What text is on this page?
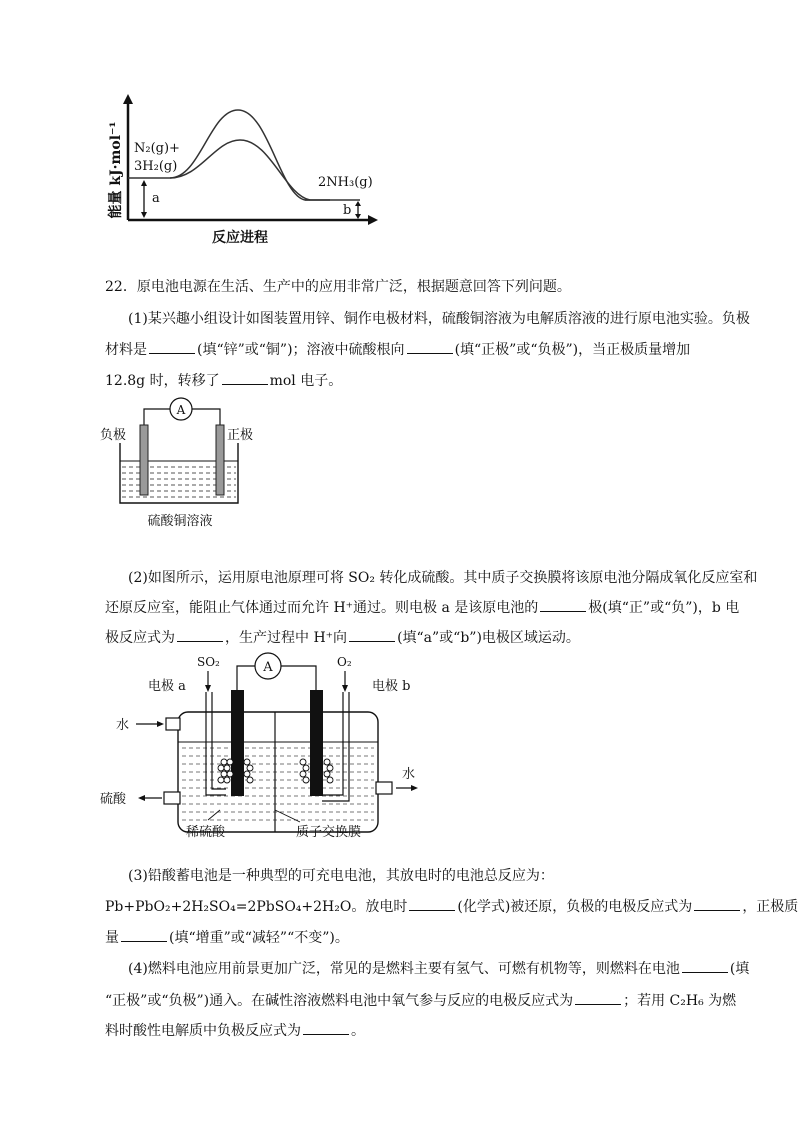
能量 kJ·mol⁻¹ N₂(g)+
3H₂(g)
2NH₃(g)
a
b
反应进程
22．原电池电源在生活、生产中的应用非常广泛，根据题意回答下列问题。
(1)某兴趣小组设计如图装置用锌、铜作电极材料，硫酸铜溶液为电解质溶液的进行原电池实验。负极
材料是	(填“锌”或“铜”)；溶液中硫酸根向	(填“正极”或“负极”)，当正极质量增加
12.8g 时，转移了	mol 电子。
A
负极	正极
硫酸铜溶液
(2)如图所示，运用原电池原理可将 SO₂ 转化成硫酸。其中质子交换膜将该原电池分隔成氧化反应室和
还原反应室，能阻止气体通过而允许 H⁺通过。则电极 a 是该原电池的	极(填“正”或“负”)，b 电
极反应式为	，生产过程中 H⁺向	(填“a”或“b”)电极区域运动。
A
SO₂	O₂
电极 a	电极 b
水
水
硫酸
稀硫酸	质子交换膜
(3)铅酸蓄电池是一种典型的可充电电池，其放电时的电池总反应为：
Pb+PbO₂+2H₂SO₄=2PbSO₄+2H₂O。放电时	(化学式)被还原，负极的电极反应式为	，正极质
量	(填“增重”或“减轻”“不变”)。
(4)燃料电池应用前景更加广泛，常见的是燃料主要有氢气、可燃有机物等，则燃料在电池	(填
“正极”或“负极”)通入。在碱性溶液燃料电池中氧气参与反应的电极反应式为	；若用 C₂H₆ 为燃
料时酸性电解质中负极反应式为	。
